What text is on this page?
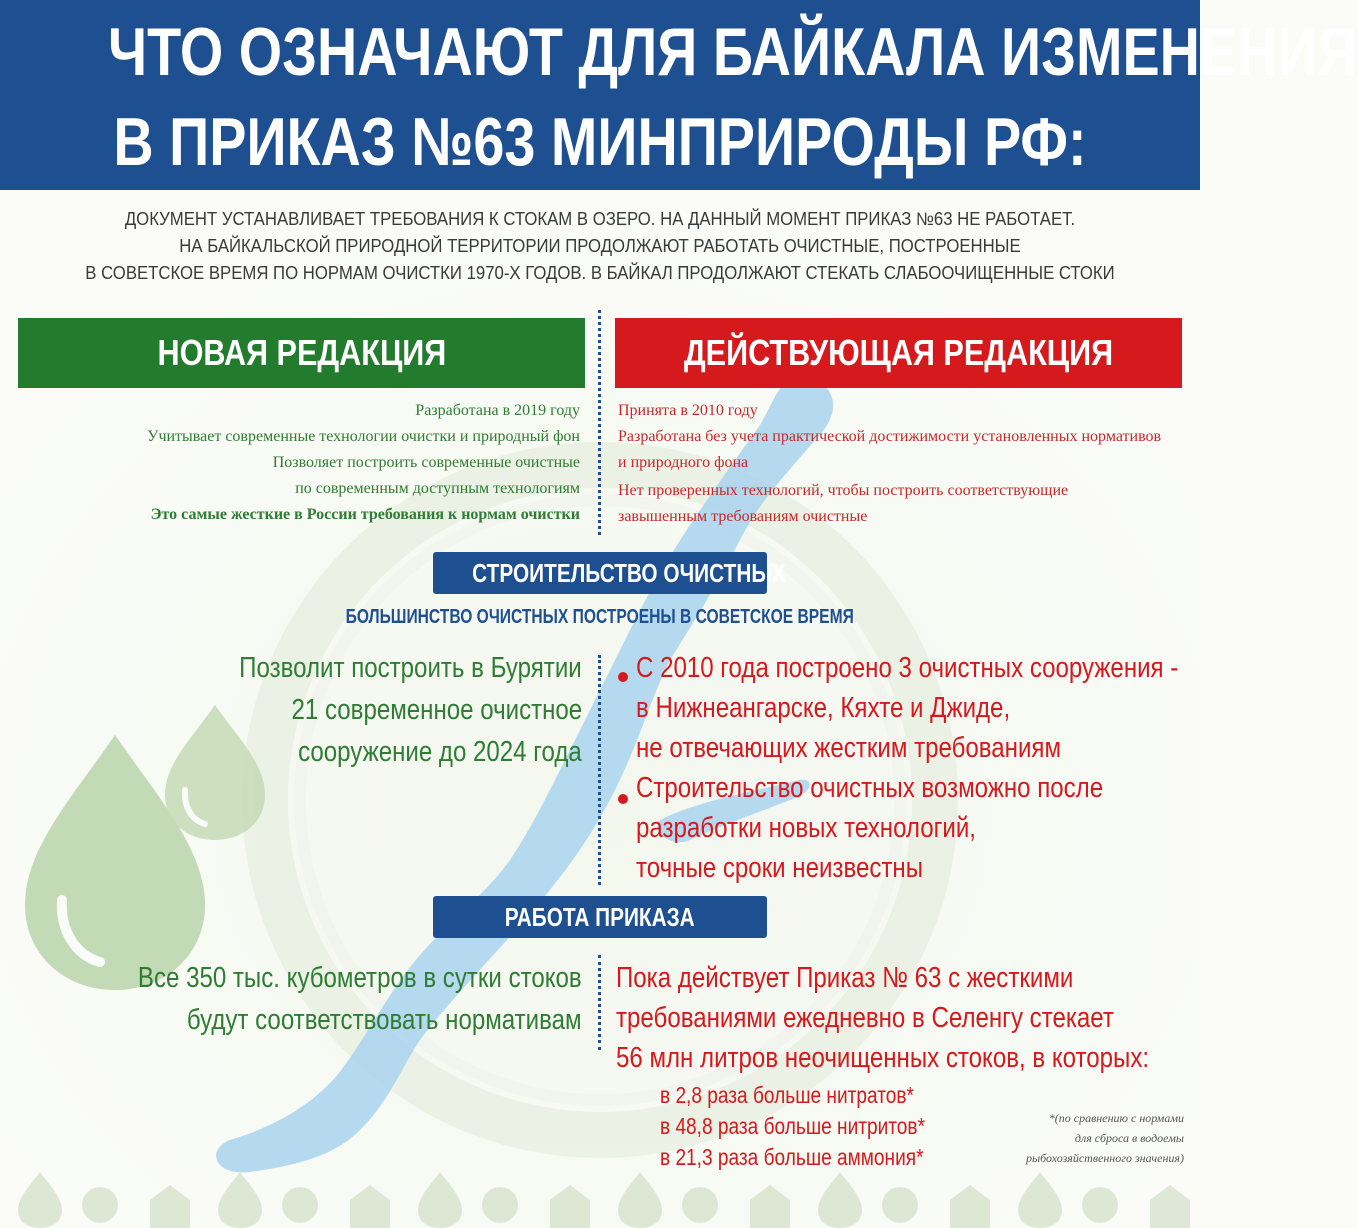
ЧТО ОЗНАЧАЮТ ДЛЯ БАЙКАЛА ИЗМЕНЕНИЯ
В ПРИКАЗ №63 МИНПРИРОДЫ РФ:
ДОКУМЕНТ УСТАНАВЛИВАЕТ ТРЕБОВАНИЯ К СТОКАМ В ОЗЕРО. НА ДАННЫЙ МОМЕНТ ПРИКАЗ №63 НЕ РАБОТАЕТ.
НА БАЙКАЛЬСКОЙ ПРИРОДНОЙ ТЕРРИТОРИИ ПРОДОЛЖАЮТ РАБОТАТЬ ОЧИСТНЫЕ, ПОСТРОЕННЫЕ
В СОВЕТСКОЕ ВРЕМЯ ПО НОРМАМ ОЧИСТКИ 1970-Х ГОДОВ. В БАЙКАЛ ПРОДОЛЖАЮТ СТЕКАТЬ СЛАБООЧИЩЕННЫЕ СТОКИ
НОВАЯ РЕДАКЦИЯ	ДЕЙСТВУЮЩАЯ РЕДАКЦИЯ
Разработана в 2019 году
Учитывает современные технологии очистки и природный фон
Позволяет построить современные очистные
по современным доступным технологиям
Это самые жесткие в России требования к нормам очистки
Принята в 2010 году
Разработана без учета практической достижимости установленных нормативов
и природного фона
Нет проверенных технологий, чтобы построить соответствующие
завышенным требованиям очистные
СТРОИТЕЛЬСТВО ОЧИСТНЫХ
БОЛЬШИНСТВО ОЧИСТНЫХ ПОСТРОЕНЫ В СОВЕТСКОЕ ВРЕМЯ
Позволит построить в Бурятии
21 современное очистное
сооружение до 2024 года
С 2010 года построено 3 очистных сооружения -
в Нижнеангарске, Кяхте и Джиде,
не отвечающих жестким требованиям
Строительство очистных возможно после
разработки новых технологий,
точные сроки неизвестны
РАБОТА ПРИКАЗА
Все 350 тыс. кубометров в сутки стоков
будут соответствовать нормативам
Пока действует Приказ № 63 с жесткими
требованиями ежедневно в Селенгу стекает
56 млн литров неочищенных стоков, в которых:
в 2,8 раза больше нитратов*
в 48,8 раза больше нитритов*
в 21,3 раза больше аммония*
*(по сравнению с нормами
для сброса в водоемы
рыбохозяйственного значения)
